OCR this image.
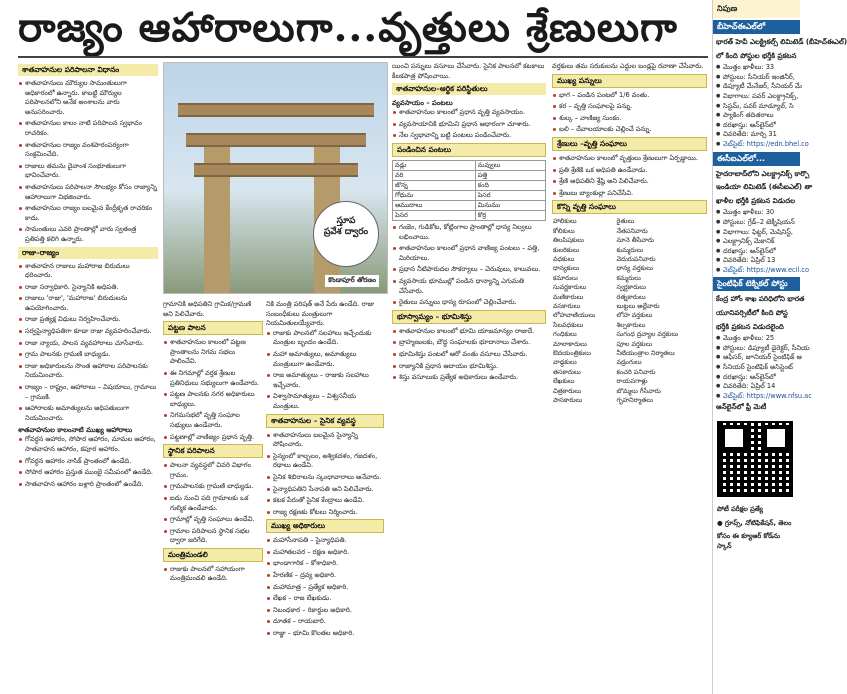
రాజ్యం ఆహారాలుగా...వృత్తులు శ్రేణులుగా
శాతవాహనుల పరిపాలనా విధానం
శాతవాహనులు మౌర్యుల సామంతులుగా అధికారంలో ఉన్నారు. కాబట్టి మౌర్యుల పరిపాలనలోని అనేక అంశాలను వారు అనుసరించారు.
శాతవాహనుల కాలం నాటి పరిపాలన స్వభావం రాచరికం.
శాతవాహనుల రాజ్యం వంశపారంపర్యంగా సంక్రమించేది.
రాజులు తమను దైవాంశ సంభూతులుగా భావించేవారు.
శాతవాహనులు పరిపాలనా సౌలభ్యం కోసం రాజ్యాన్ని ఆహారాలుగా విభజించారు.
శాతవాహనుల రాజ్యం బలమైన కేంద్రీకృత రాచరికం కాదు.
సామంతులు ఎవరి ప్రాంతాల్లో వారు స్వతంత్ర ప్రతిపత్తి కలిగి ఉన్నారు.
రాజు–రాజ్యం
శాతవాహన రాజులు మహారాజ బిరుదులు ధరించారు.
రాజు సర్వాధికారి. సైన్యానికి అధిపతి.
రాజులు 'రాజు', 'మహారాజ' బిరుదులను ఉపయోగించారు.
రాజు ప్రత్యక్ష విధులు నిర్వహించేవారు.
సర్వసైన్యాధిపతిగా కూడా రాజు వ్యవహరించేవారు.
రాజు న్యాయ, పాలన వ్యవహారాలు చూసేవారు.
గ్రామ పాలనకు గ్రామణి బాధ్యుడు.
రాజు అధికారులను సొంత ఆహారాల పరిపాలనకు నియమించారు.
రాజ్యం – రాష్ట్రం, ఆహారాలు – విషయాలు, గ్రామాలు – గ్రామణి.
ఆహారాలకు అమాత్యులను అధిపతులుగా నియమించారు.
శాతవాహనుల కాలంనాటి ముఖ్య ఆహారాలు
గోవర్ధన ఆహారం, సోపార ఆహారం, మామల ఆహారం, సాతవాహన ఆహారం, కపూర ఆహారం.
గోవర్ధన ఆహారం నాసిక్ ప్రాంతంలో ఉండేది.
సోపార ఆహారం ప్రస్తుత ముంబై సమీపంలో ఉండేది.
సాతవాహన ఆహారం బళ్లారి ప్రాంతంలో ఉండేది.
స్తూప
ప్రవేశ ద్వారం
కొండాపూర్ తోరణం
గ్రామానికి అధిపతిని గ్రామిక/గ్రామణి అని పిలిచేవారు.
పట్టణ పాలన
శాతవాహనుల కాలంలో పట్టణ ప్రాంతాలను నిగమ సభలు పాలించేవి.
ఈ నిగమాల్లో వర్తక శ్రేణుల ప్రతినిధులు సభ్యులుగా ఉండేవారు.
పట్టణ పాలనకు నగర అధికారులు బాధ్యులు.
నిగమసభలో వృత్తి సంఘాల సభ్యులు ఉండేవారు.
పట్టణాల్లో వాణిజ్యం ప్రధాన వృత్తి.
స్థానిక పరిపాలన
పాలనా వ్యవస్థలో చివరి విభాగం గ్రామం.
గ్రామపాలనకు గ్రామణి బాధ్యుడు.
ఐదు నుంచి పది గ్రామాలకు ఒక గుల్మిక ఉండేవాడు.
గ్రామాల్లో వృత్తి సంఘాలు ఉండేవి.
గ్రామాల పరిపాలన స్థానిక సభల ద్వారా జరిగేది.
మంత్రిమండలి
రాజుకు పాలనలో సహాయంగా మంత్రిమండలి ఉండేది.
నికి మంత్రి పరిషత్ అనే పేరు ఉండేది. రాజు సంబంధీకులు మంత్రులుగా నియమితులయ్యేవారు.
రాజుకు పాలనలో సలహాలు ఇచ్చేందుకు మంత్రుల బృందం ఉండేది.
మహా అమాత్యులు, అమాత్యులు మంత్రులుగా ఉండేవారు.
రాజ అమాత్యులు – రాజుకు సలహాలు ఇచ్చేవారు.
విశ్వాసామాత్యులు – విశ్వసనీయ మంత్రులు.
శాతవాహనుల – సైనిక వ్యవస్థ
శాతవాహనులు బలమైన సైన్యాన్ని పోషించారు.
సైన్యంలో కాల్బలం, అశ్వికదళం, గజదళం, రథాలు ఉండేవి.
సైనిక శిబిరాలను స్కంధావారాలు అనేవారు.
సైన్యాధిపతిని సేనాపతి అని పిలిచేవారు.
కటక పేరుతో సైనిక కేంద్రాలు ఉండేవి.
రాజ్య రక్షణకు కోటలు నిర్మించారు.
ముఖ్య అధికారులు
మహాసేనాపతి – సైన్యాధిపతి.
మహాతలవర – రక్షణ అధికారి.
భాండాగారిక – కోశాధికారి.
హేరణిక – ద్రవ్య అధికారి.
మహామాత్ర – ప్రత్యేక అధికారి.
లేఖక – రాజ లేఖకుడు.
నిబంధకార – రికార్డుల అధికారి.
దూతక – రాయబారి.
రాజ్జు – భూమి కొలతల అధికారి.
యించి పన్నులు వసూలు చేసేవారు. సైనిక పాలనలో కటకాలు కీలకపాత్ర పోషించాయి.
శాతవాహనుల–ఆర్థిక పరిస్థితులు
వ్యవసాయం – పంటలు
శాతవాహనుల కాలంలో ప్రధాన వృత్తి వ్యవసాయం.
వ్యవసాయానికి భూమిని ప్రధాన ఆధారంగా చూశారు.
నేల స్వభావాన్ని బట్టి పంటలు పండించేవారు.
పండించిన పంటలు
వడ్లు	నువ్వులు
వరి	పత్తి
జొన్న	కంది
గోధుమ	పెసర
ఆముదాలు	మినుము
పెసర	కొర్ర
గంజెం, గుడికోట, కోట్లింగాల ప్రాంతాల్లో ధాన్య నిల్వలు లభించాయి.
శాతవాహనుల కాలంలో ప్రధాన వాణిజ్య పంటలు – పత్తి, మిరియాలు.
ప్రధాన నీటిపారుదల సౌకర్యాలు – చెరువులు, కాలువలు.
వ్యవసాయ భూముల్లో పండిన ధాన్యాన్ని ఎగుమతి చేసేవారు.
రైతులు పన్నులు ధాన్య రూపంలో చెల్లించేవారు.
భూస్వామ్యం – భూమిశిస్తు
శాతవాహనుల కాలంలో భూమి యాజమాన్యం రాజుదే.
బ్రాహ్మణులకు, బౌద్ధ సంఘాలకు భూదానాలు చేశారు.
భూమిశిస్తు పంటలో ఆరో వంతు వసూలు చేసేవారు.
రాజ్యానికి ప్రధాన ఆదాయం భూమిశిస్తు.
శిస్తు వసూలుకు ప్రత్యేక అధికారులు ఉండేవారు.
వర్తకులు తమ సరుకులను ఎద్దుల బండ్లపై రవాణా చేసేవారు.
ముఖ్య పన్నులు
భాగ – పండిన పంటలో 1/6 వంతు.
కర – వృత్తి సంఘాలపై పన్ను.
శుల్క – వాణిజ్య సుంకం.
బలి – దేవాలయాలకు చెల్లించే పన్ను.
శ్రేణులు –వృత్తి సంఘాలు
శాతవాహనుల కాలంలో వృత్తులు శ్రేణులుగా ఏర్పడ్డాయి.
ప్రతి శ్రేణికి ఒక అధిపతి ఉండేవాడు.
శ్రేణి అధిపతిని శ్రేష్ఠి అని పిలిచేవారు.
శ్రేణులు బ్యాంకుల్లా పనిచేసేవి.
కొన్ని వృత్తి సంఘాలు
హాలికులు	రైతులు
కోలికులు	నేతపనివారు
తిలపిషకులు	నూనె తీసేవారు
కులరికులు	కుమ్మరులు
వధకులు	వెదురుపనివారు
ధాన్యకులు	ధాన్య వర్తకులు
కమారులు	కమ్మరులు
సువర్ణకారులు	స్వర్ణకారులు
మణికారులు	రత్నకారులు
వసకారులు	బుట్టలు అల్లేవారు
లోహవాణియులు	లోహ వర్తకులు
సేలవధకులు	శిల్పకారులు
గంధికులు	సుగంధ ద్రవ్యాల వర్తకులు
మాలాకారులు	పూల వర్తకులు
ఔదయంత్రికులు	నీటియంత్రాల నిర్మాతలు
వాడ్ధకులు	వడ్రంగులు
తసకారులు	కంచరి పనివారు
లేఖకులు	రాయసగాళ్లు
చిత్రకారులు	బొమ్మలు గీసేవారు
పాసకారులు	గృహనిర్మాతలు
నిపుణ
బీహెచ్‌ఈఎల్‌లో
భారత్ హెవీ ఎలక్ట్రికల్స్ లిమిటెడ్ (బీహెచ్‌ఈఎల్)
లో కింది పోస్టుల భర్తీకి ప్రకటన
● మొత్తం ఖాళీలు: 33
● పోస్టులు: సీనియర్ ఇంజినీర్,
● డిప్యూటీ మేనేజర్, సీనియర్ మే
● విభాగాలు: పవర్ ఎలక్ట్రానిక్స్,
● సిస్టమ్, పవర్ మాడ్యూల్, సి
● ప్యాకింగ్ తదితరాలు
● దరఖాస్తు: ఆన్‌లైన్‌లో
● చివరితేది: మార్చి 31
● వెబ్‌సైట్: https://edn.bhel.co
ఈసీఐఎల్‌లో...
హైదరాబాద్‌లోని ఎలక్ట్రానిక్స్ కార్పొ
ఇండియా లిమిటెడ్ (ఈసీఐఎల్) తా
ఖాళీల భర్తీకి ప్రకటన విడుదల
● మొత్తం ఖాళీలు: 30
● పోస్టులు: గ్రేడ్–2 టెక్నీషియన్
● విభాగాలు: ఫిట్టర్, మెషినిస్ట్,
● ఎలక్ట్రానిక్స్ మెకానిక్
● దరఖాస్తు: ఆన్‌లైన్‌లో
● చివరితేది: ఏప్రిల్ 13
● వెబ్‌సైట్: https://www.ecil.co
సైంటిఫిక్ టెక్నికల్ పోస్టు
కేంద్ర హోం శాఖ పరిధిలోని భారత
యూనివర్సిటీలో కింది పోస్ట
భర్తీకి ప్రకటన విడుదలైంది
● మొత్తం ఖాళీలు: 25
● పోస్టులు: డిప్యూటీ డైరెక్టర్, సీనియ
● ఆఫీసర్, జూనియర్ సైంటిఫిక్ ఆ
● సీనియర్ సైంటిఫిక్ అసిస్టెంట్
● దరఖాస్తు: ఆన్‌లైన్‌లో
● చివరితేది: ఏప్రిల్ 14
● వెబ్‌సైట్: https://www.nfsu.ac
ఆన్‌లైన్‌లో ఫ్రీ మెటీ
పోటీ పరీక్షల ప్రత్యే
● గ్రూప్స్, నోటిఫికేషన్, తెలం
కోసం ఈ క్యూఆర్ కోడ్‌ను స్కాన్
